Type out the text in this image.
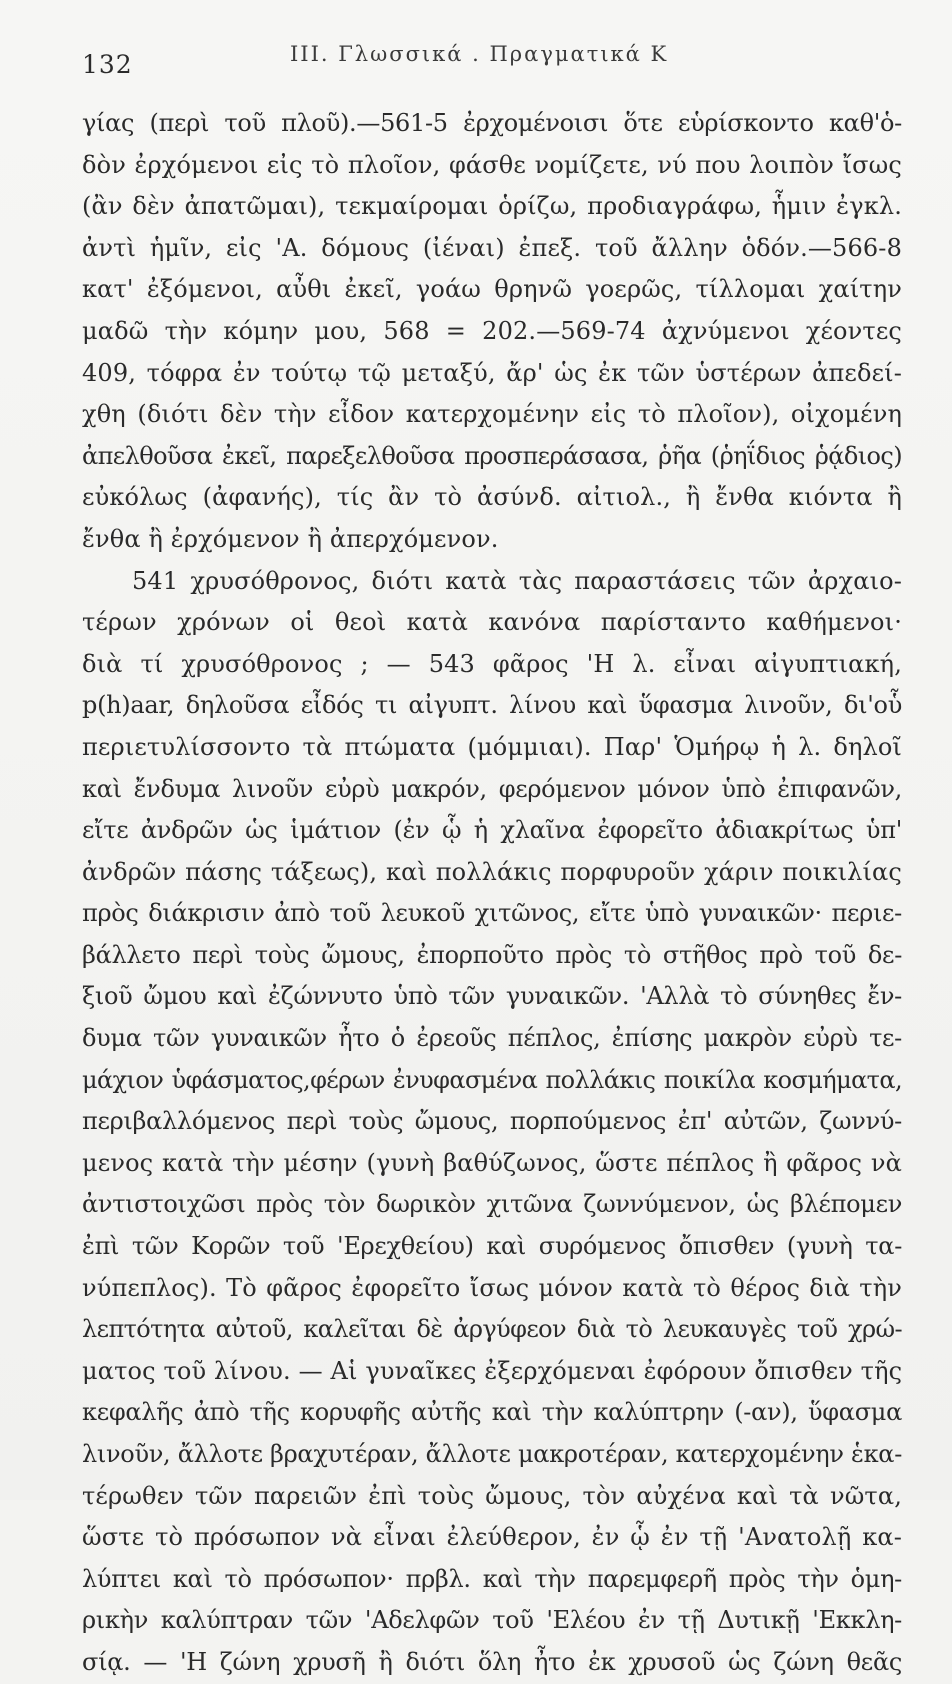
132	III. Γλωσσικά . Πραγματικά Κ
γίας (περὶ τοῦ πλοῦ).—561-5 ἐρχομένοισι ὅτε εὑρίσκοντο καθ'ὁ-
δὸν ἐρχόμενοι εἰς τὸ πλοῖον, φάσθε νομίζετε, νύ που λοιπὸν ἴσως
(ἂν δὲν ἀπατῶμαι), τεκμαίρομαι ὁρίζω, προδιαγράφω, ἧμιν ἐγκλ.
ἀντὶ ἡμῖν, εἰς 'Α. δόμους (ἰέναι) ἐπεξ. τοῦ ἄλλην ὁδόν.—566-8
κατ' ἐξόμενοι, αὖθι ἐκεῖ, γοάω θρηνῶ γοερῶς, τίλλομαι χαίτην
μαδῶ τὴν κόμην μου, 568 = 202.—569-74 ἀχνύμενοι χέοντες
409, τόφρα ἐν τούτῳ τῷ μεταξύ, ἄρ' ὡς ἐκ τῶν ὑστέρων ἀπεδεί-
χθη (διότι δὲν τὴν εἶδον κατερχομένην εἰς τὸ πλοῖον), οἰχομένη
ἀπελθοῦσα ἐκεῖ, παρεξελθοῦσα προσπεράσασα, ῥῆα (ῥηΐδιος ῥᾴδιος)
εὐκόλως (ἀφανής), τίς ἂν τὸ ἀσύνδ. αἰτιολ., ἢ ἔνθα κιόντα ἢ
ἔνθα ἢ ἐρχόμενον ἢ ἀπερχόμενον.
541 χρυσόθρονος, διότι κατὰ τὰς παραστάσεις τῶν ἀρχαιο-
τέρων χρόνων οἱ θεοὶ κατὰ κανόνα παρίσταντο καθήμενοι·
διὰ τί χρυσόθρονος ; — 543 φᾶρος 'Η λ. εἶναι αἰγυπτιακή,
p(h)aar, δηλοῦσα εἶδός τι αἰγυπτ. λίνου καὶ ὕφασμα λινοῦν, δι'οὗ
περιετυλίσσοντο τὰ πτώματα (μόμμιαι). Παρ' Ὁμήρῳ ἡ λ. δηλοῖ
καὶ ἔνδυμα λινοῦν εὐρὺ μακρόν, φερόμενον μόνον ὑπὸ ἐπιφανῶν,
εἴτε ἀνδρῶν ὡς ἱμάτιον (ἐν ᾧ ἡ χλαῖνα ἐφορεῖτο ἀδιακρίτως ὑπ'
ἀνδρῶν πάσης τάξεως), καὶ πολλάκις πορφυροῦν χάριν ποικιλίας
πρὸς διάκρισιν ἀπὸ τοῦ λευκοῦ χιτῶνος, εἴτε ὑπὸ γυναικῶν· περιε-
βάλλετο περὶ τοὺς ὤμους, ἐπορποῦτο πρὸς τὸ στῆθος πρὸ τοῦ δε-
ξιοῦ ὤμου καὶ ἐζώννυτο ὑπὸ τῶν γυναικῶν. 'Αλλὰ τὸ σύνηθες ἔν-
δυμα τῶν γυναικῶν ἦτο ὁ ἐρεοῦς πέπλος, ἐπίσης μακρὸν εὐρὺ τε-
μάχιον ὑφάσματος,φέρων ἐνυφασμένα πολλάκις ποικίλα κοσμήματα,
περιβαλλόμενος περὶ τοὺς ὤμους, πορπούμενος ἐπ' αὐτῶν, ζωννύ-
μενος κατὰ τὴν μέσην (γυνὴ βαθύζωνος, ὥστε πέπλος ἢ φᾶρος νὰ
ἀντιστοιχῶσι πρὸς τὸν δωρικὸν χιτῶνα ζωννύμενον, ὡς βλέπομεν
ἐπὶ τῶν Κορῶν τοῦ 'Ερεχθείου) καὶ συρόμενος ὄπισθεν (γυνὴ τα-
νύπεπλος). Τὸ φᾶρος ἐφορεῖτο ἴσως μόνον κατὰ τὸ θέρος διὰ τὴν
λεπτότητα αὐτοῦ, καλεῖται δὲ ἀργύφεον διὰ τὸ λευκαυγὲς τοῦ χρώ-
ματος τοῦ λίνου. — Αἱ γυναῖκες ἐξερχόμεναι ἐφόρουν ὄπισθεν τῆς
κεφαλῆς ἀπὸ τῆς κορυφῆς αὐτῆς καὶ τὴν καλύπτρην (-αν), ὕφασμα
λινοῦν, ἄλλοτε βραχυτέραν, ἄλλοτε μακροτέραν, κατερχομένην ἑκα-
τέρωθεν τῶν παρειῶν ἐπὶ τοὺς ὤμους, τὸν αὐχένα καὶ τὰ νῶτα,
ὥστε τὸ πρόσωπον νὰ εἶναι ἐλεύθερον, ἐν ᾧ ἐν τῇ 'Ανατολῇ κα-
λύπτει καὶ τὸ πρόσωπον· πρβλ. καὶ τὴν παρεμφερῆ πρὸς τὴν ὁμη-
ρικὴν καλύπτραν τῶν 'Αδελφῶν τοῦ 'Ελέου ἐν τῇ Δυτικῇ 'Εκκλη-
σίᾳ. — 'Η ζώνη χρυσῆ ἢ διότι ὅλη ἦτο ἐκ χρυσοῦ ὡς ζώνη θεᾶς
